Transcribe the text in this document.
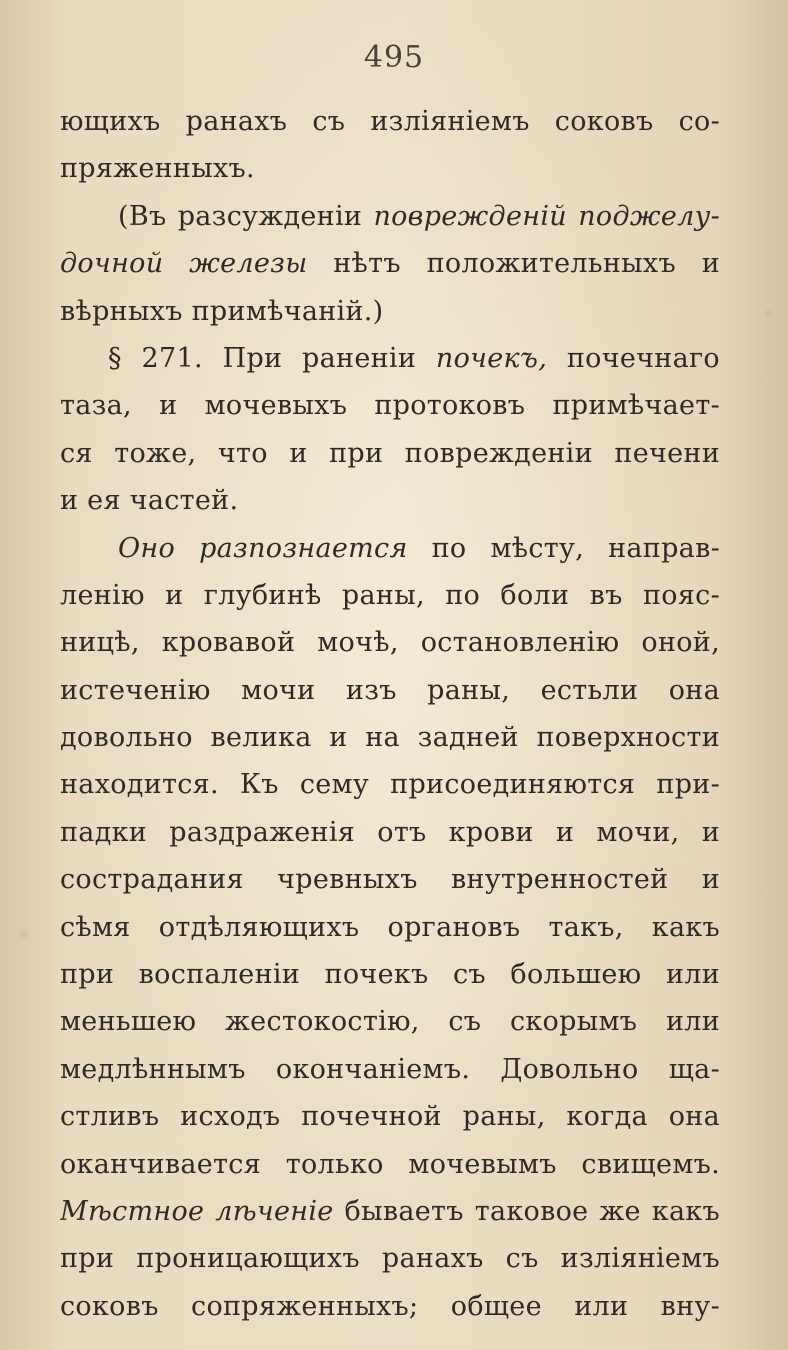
495
ющихъ ранахъ съ изліяніемъ соковъ со-
пряженныхъ.
(Въ разсужденіи поврежденій поджелу-
дочной железы нѣтъ положительныхъ и
вѣрныхъ примѣчаній.)
§ 271. При раненіи почекъ, почечнаго
таза, и мочевыхъ протоковъ примѣчает-
ся тоже, что и при поврежденіи печени
и ея частей.
Оно разпознается по мѣсту, направ-
ленію и глубинѣ раны, по боли въ пояс-
ницѣ, кровавой мочѣ, остановленію оной,
истеченію мочи изъ раны, естьли она
довольно велика и на задней поверхности
находится. Къ сему присоединяются при-
падки раздраженія отъ крови и мочи, и
сострадания чревныхъ внутренностей и
сѣмя отдѣляющихъ органовъ такъ, какъ
при воспаленіи почекъ съ большею или
меньшею жестокостію, съ скорымъ или
медлѣннымъ окончаніемъ. Довольно ща-
стливъ исходъ почечной раны, когда она
оканчивается только мочевымъ свищемъ.
Мѣстное лѣченіе бываетъ таковое же какъ
при проницающихъ ранахъ съ изліяніемъ
соковъ сопряженныхъ; общее или вну-
